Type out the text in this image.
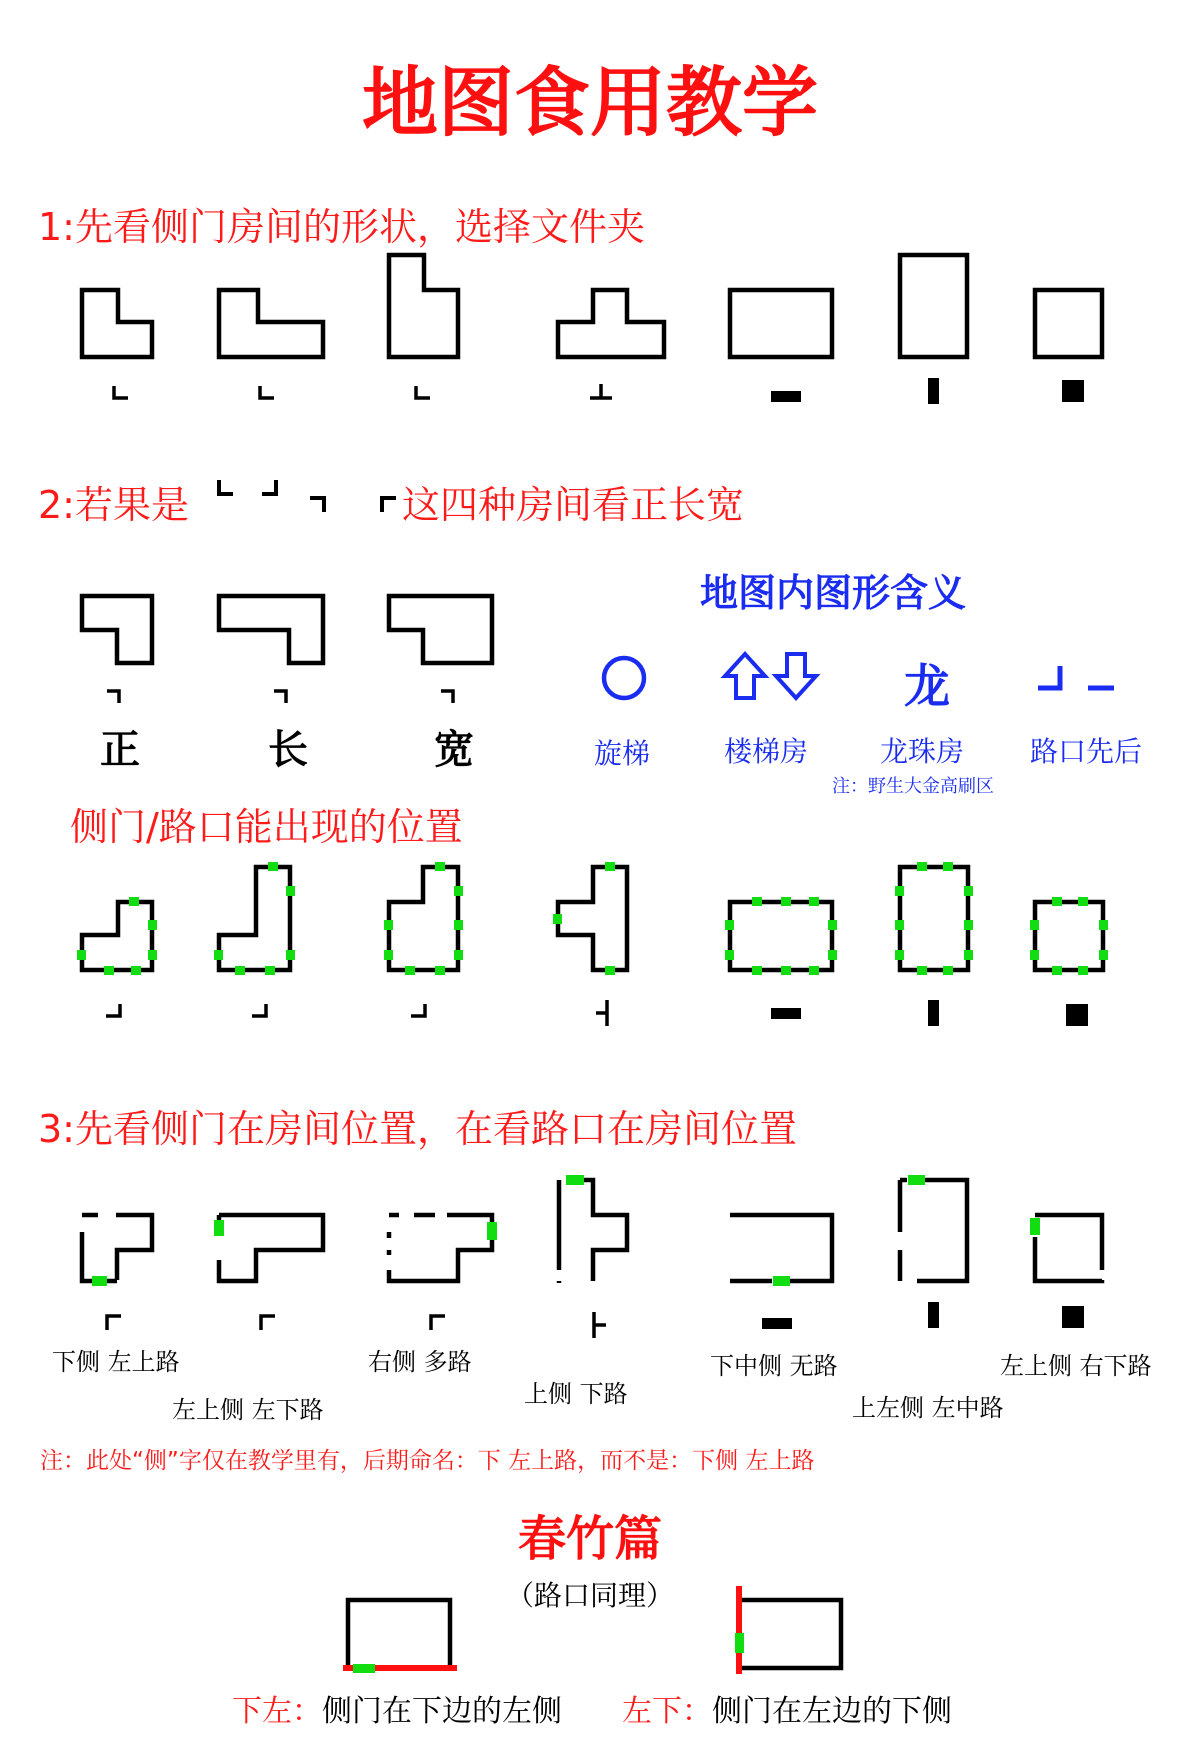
地图食用教学
1:先看侧门房间的形状，选择文件夹
2:若果是	这四种房间看正长宽
正	长	宽
地图内图形含义
龙
旋梯	楼梯房	龙珠房 路口先后
注：野生大金高刷区
侧门/路口能出现的位置
3:先看侧门在房间位置，在看路口在房间位置
下侧 左上路
左上侧 左下路
右侧 多路
上侧 下路
下中侧 无路
上左侧 左中路
左上侧 右下路
注：此处“侧”字仅在教学里有，后期命名：下 左上路，而不是：下侧 左上路
春竹篇
（路口同理）
下左：侧门在下边的左侧 左下：侧门在左边的下侧
